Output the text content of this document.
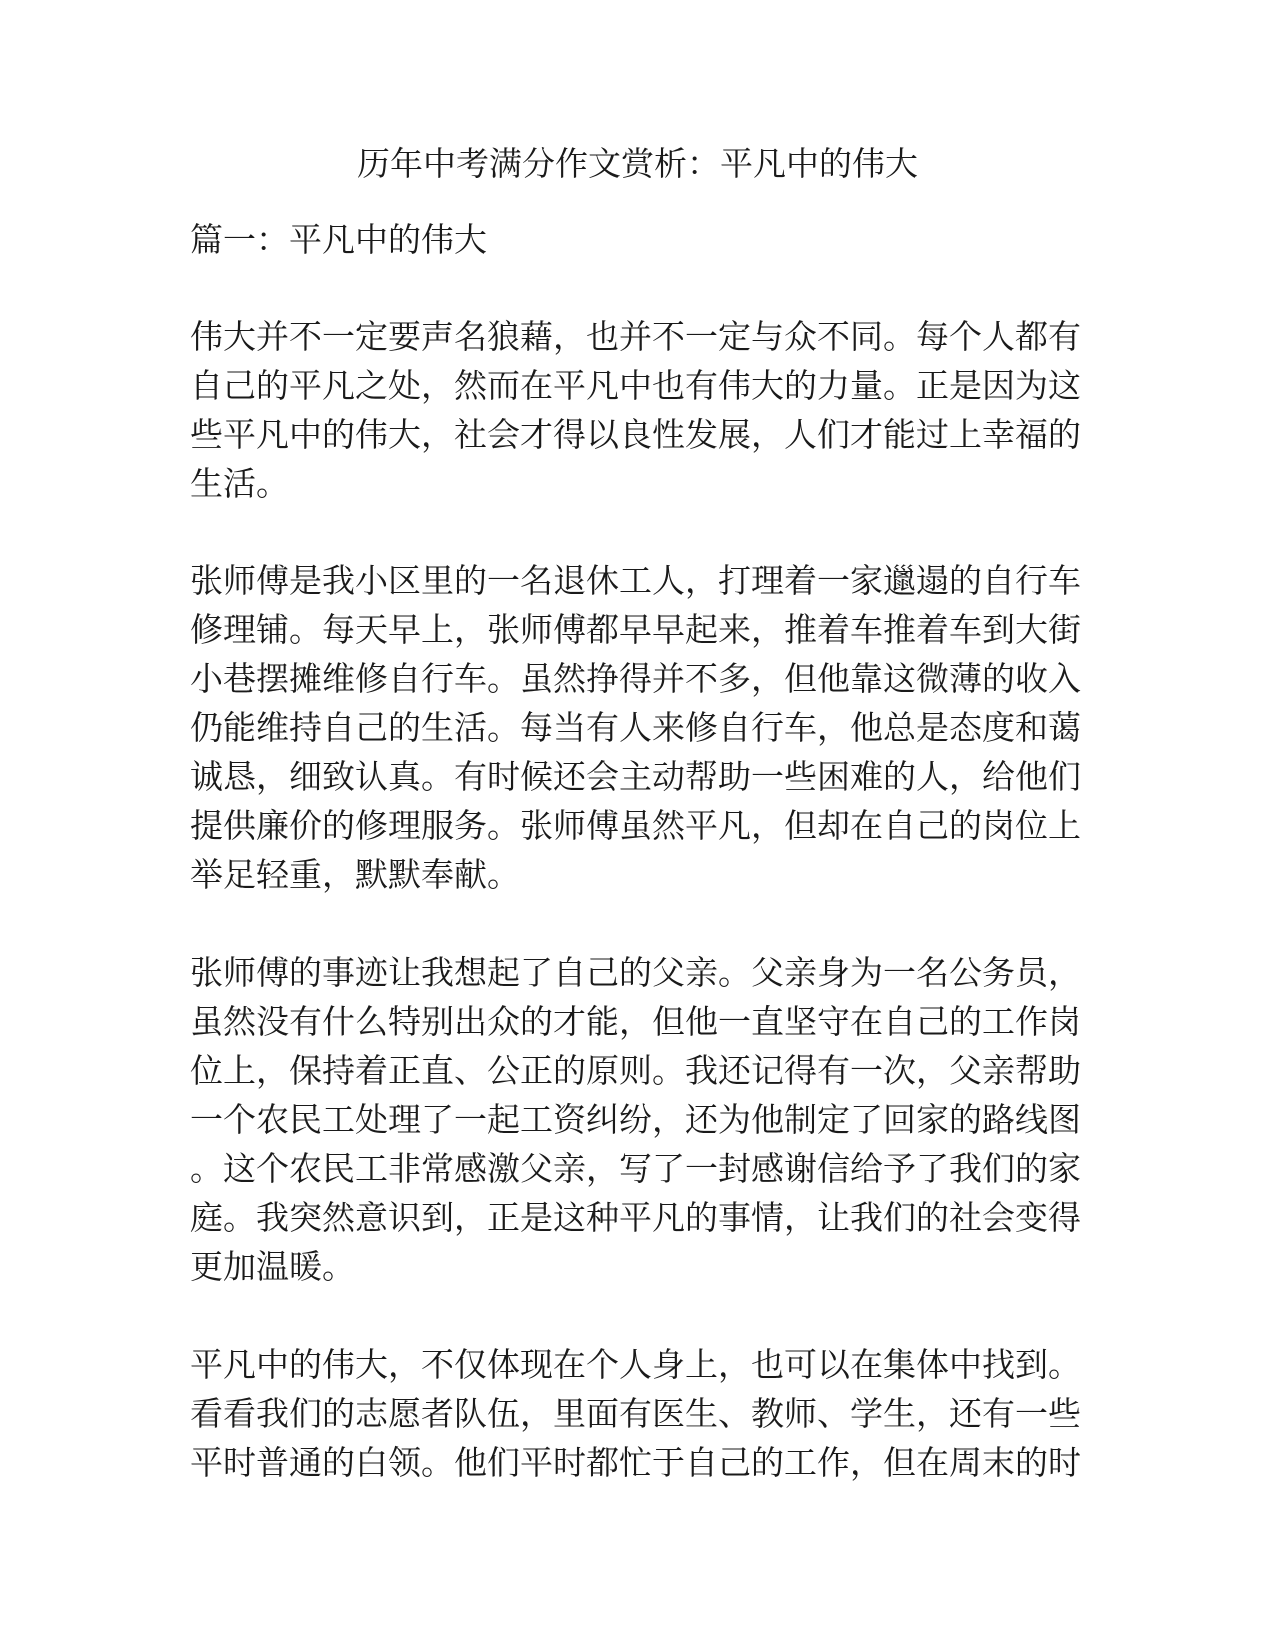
历年中考满分作文赏析：平凡中的伟大
篇一：平凡中的伟大
伟大并不一定要声名狼藉，也并不一定与众不同。每个人都有
自己的平凡之处，然而在平凡中也有伟大的力量。正是因为这
些平凡中的伟大，社会才得以良性发展，人们才能过上幸福的
生活。
张师傅是我小区里的一名退休工人，打理着一家邋遢的自行车
修理铺。每天早上，张师傅都早早起来，推着车推着车到大街
小巷摆摊维修自行车。虽然挣得并不多，但他靠这微薄的收入
仍能维持自己的生活。每当有人来修自行车，他总是态度和蔼
诚恳，细致认真。有时候还会主动帮助一些困难的人，给他们
提供廉价的修理服务。张师傅虽然平凡，但却在自己的岗位上
举足轻重，默默奉献。
张师傅的事迹让我想起了自己的父亲。父亲身为一名公务员，
虽然没有什么特别出众的才能，但他一直坚守在自己的工作岗
位上，保持着正直、公正的原则。我还记得有一次，父亲帮助
一个农民工处理了一起工资纠纷，还为他制定了回家的路线图
。这个农民工非常感激父亲，写了一封感谢信给予了我们的家
庭。我突然意识到，正是这种平凡的事情，让我们的社会变得
更加温暖。
平凡中的伟大，不仅体现在个人身上，也可以在集体中找到。
看看我们的志愿者队伍，里面有医生、教师、学生，还有一些
平时普通的白领。他们平时都忙于自己的工作，但在周末的时
